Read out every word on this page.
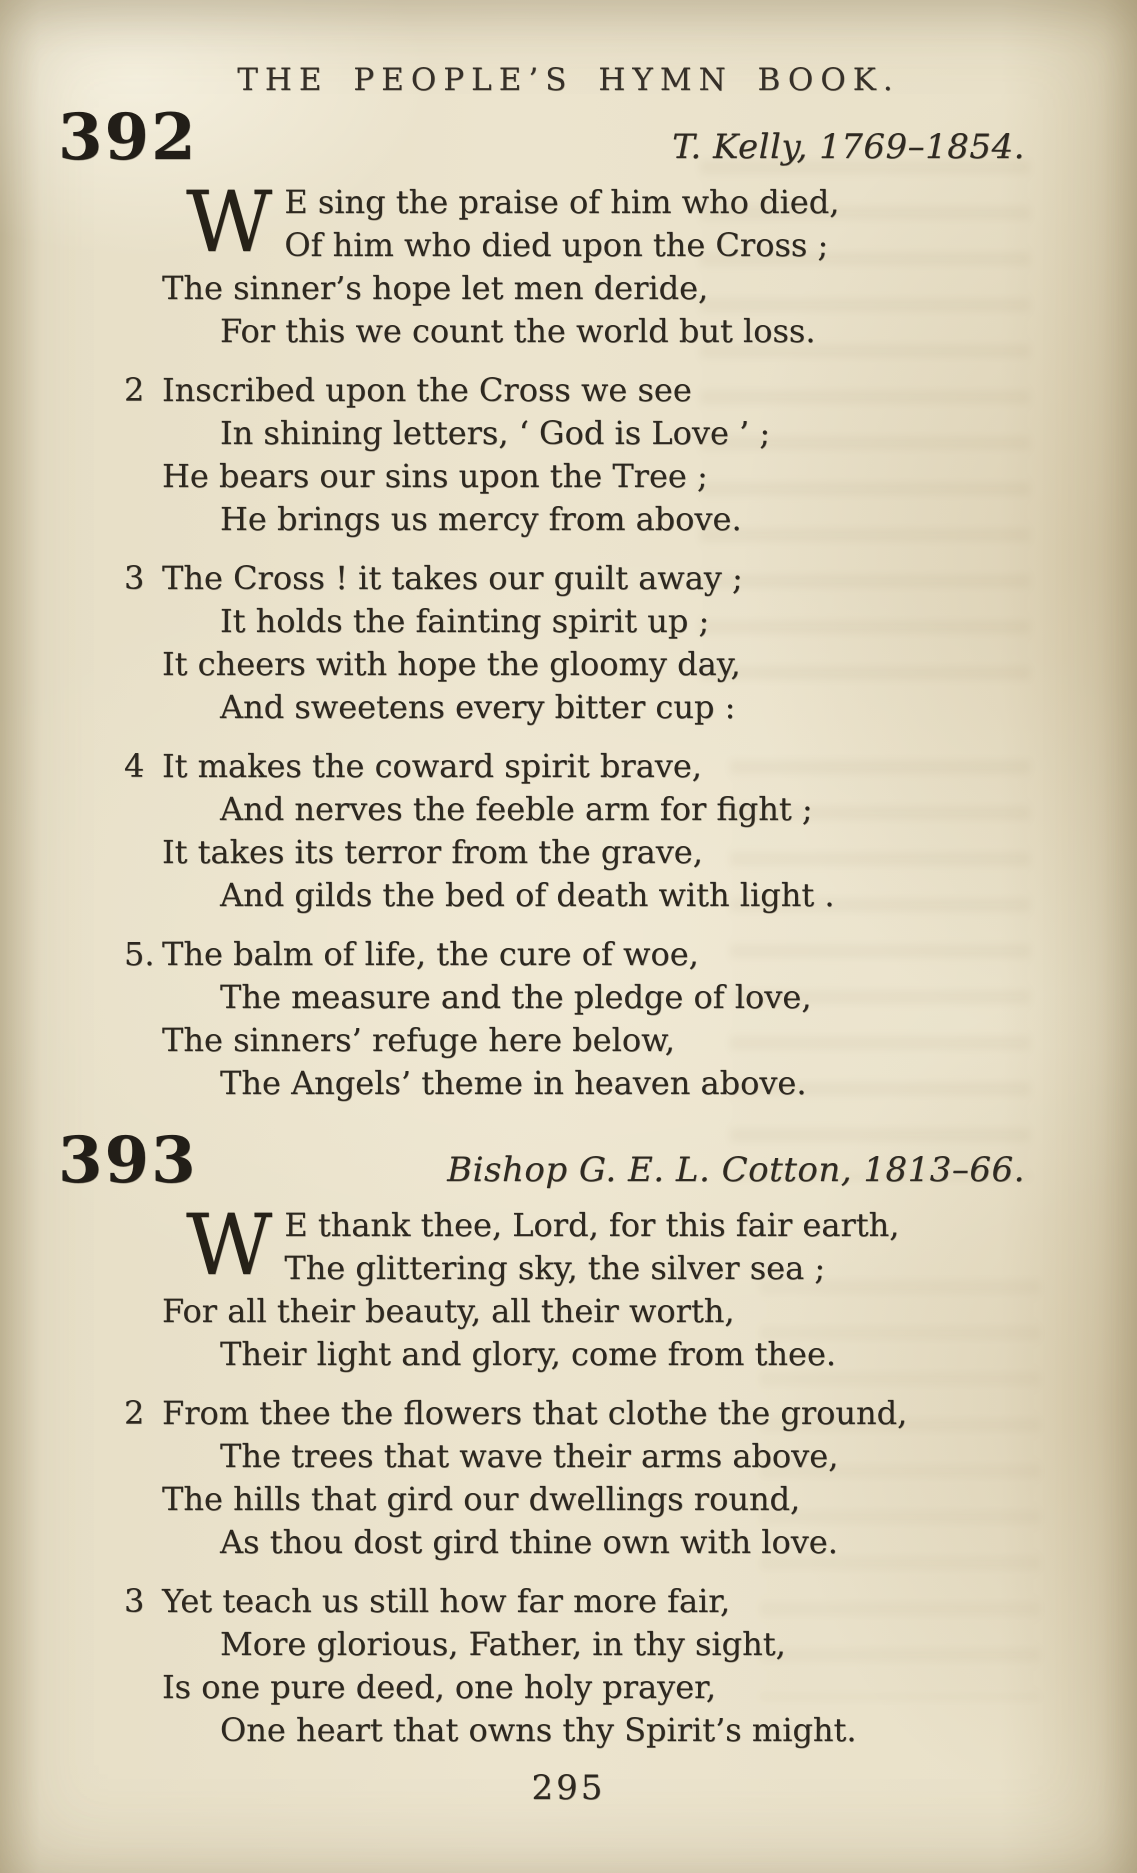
THE PEOPLE’S HYMN BOOK.
392	T. Kelly, 1769–1854.
W E sing the praise of him who died,
Of him who died upon the Cross ;
The sinner’s hope let men deride,
For this we count the world but loss.
2 Inscribed upon the Cross we see
In shining letters, ‘ God is Love ’ ;
He bears our sins upon the Tree ;
He brings us mercy from above.
3 The Cross ! it takes our guilt away ;
It holds the fainting spirit up ;
It cheers with hope the gloomy day,
And sweetens every bitter cup :
4 It makes the coward spirit brave,
And nerves the feeble arm for fight ;
It takes its terror from the grave,
And gilds the bed of death with light .
5. The balm of life, the cure of woe,
The measure and the pledge of love,
The sinners’ refuge here below,
The Angels’ theme in heaven above.
393	Bishop G. E. L. Cotton, 1813–66.
W E thank thee, Lord, for this fair earth,
The glittering sky, the silver sea ;
For all their beauty, all their worth,
Their light and glory, come from thee.
2 From thee the flowers that clothe the ground,
The trees that wave their arms above,
The hills that gird our dwellings round,
As thou dost gird thine own with love.
3 Yet teach us still how far more fair,
More glorious, Father, in thy sight,
Is one pure deed, one holy prayer,
One heart that owns thy Spirit’s might.
295
